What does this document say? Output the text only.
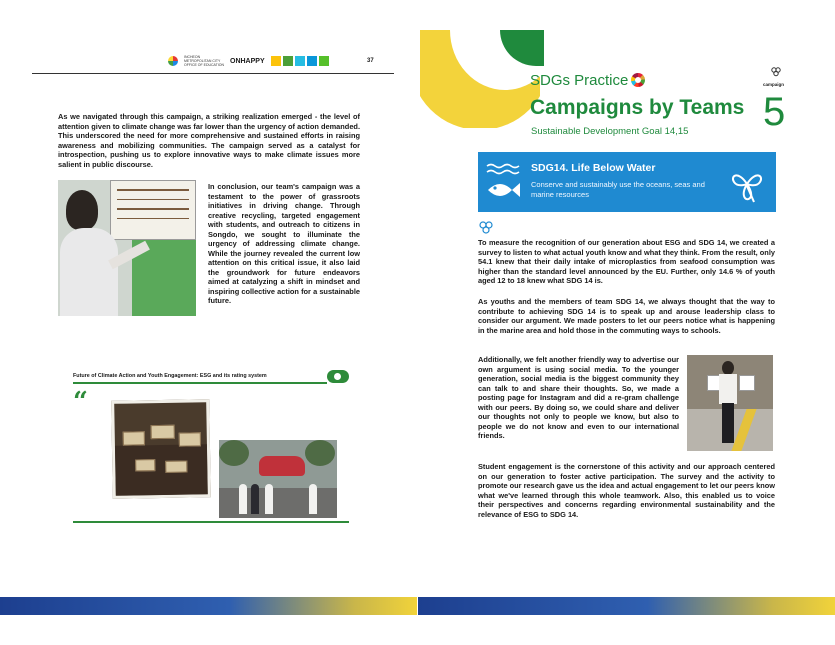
INCHEON METROPOLITAN CITY OFFICE OF EDUCATION
ONHAPPY	37

As we navigated through this campaign, a striking realization emerged - the level of attention given to climate change was far lower than the urgency of action demanded. This underscored the need for more comprehensive and sustained efforts in raising awareness and mobilizing communities. The campaign served as a catalyst for introspection, pushing us to explore innovative ways to make climate issues more salient in public discourse.

In conclusion, our team's campaign was a testament to the power of grassroots initiatives in driving change. Through creative recycling, targeted engagement with students, and outreach to citizens in Songdo, we sought to illuminate the urgency of addressing climate change. While the journey revealed the current low attention on this critical issue, it also laid the groundwork for future endeavors aimed at catalyzing a shift in mindset and inspiring collective action for a sustainable future.

Future of Climate Action and Youth Engagement: ESG and its rating system
“
SDGs Practice
Campaigns by Teams
Sustainable Development Goal 14,15
campaign
5
SDG14. Life Below Water
Conserve and sustainably use the oceans, seas and marine resources

To measure the recognition of our generation about ESG and SDG 14, we created a survey to listen to what actual youth know and what they think. From the result, only 54.1 knew that their daily intake of microplastics from seafood consumption was higher than the standard level announced by the EU. Further, only 14.6 % of youth aged 12 to 18 knew what SDG 14 is.

As youths and the members of team SDG 14, we always thought that the way to contribute to achieving SDG 14 is to speak up and arouse leadership class to consider our argument. We made posters to let our peers notice what is happening in the marine area and hold those in the commuting ways to schools.

Additionally, we felt another friendly way to advertise our own argument is using social media. To the younger generation, social media is the biggest community they can talk to and share their thoughts. So, we made a posting page for Instagram and did a re-gram challenge with our peers. By doing so, we could share and deliver our thoughts not only to people we know, but also to people we do not know and even to our international friends.

Student engagement is the cornerstone of this activity and our approach centered on our generation to foster active participation. The survey and the activity to promote our research gave us the idea and actual engagement to let our peers know what we've learned through this whole teamwork. Also, this enabled us to voice their perspectives and concerns regarding environmental sustainability and the relevance of ESG to SDG 14.
